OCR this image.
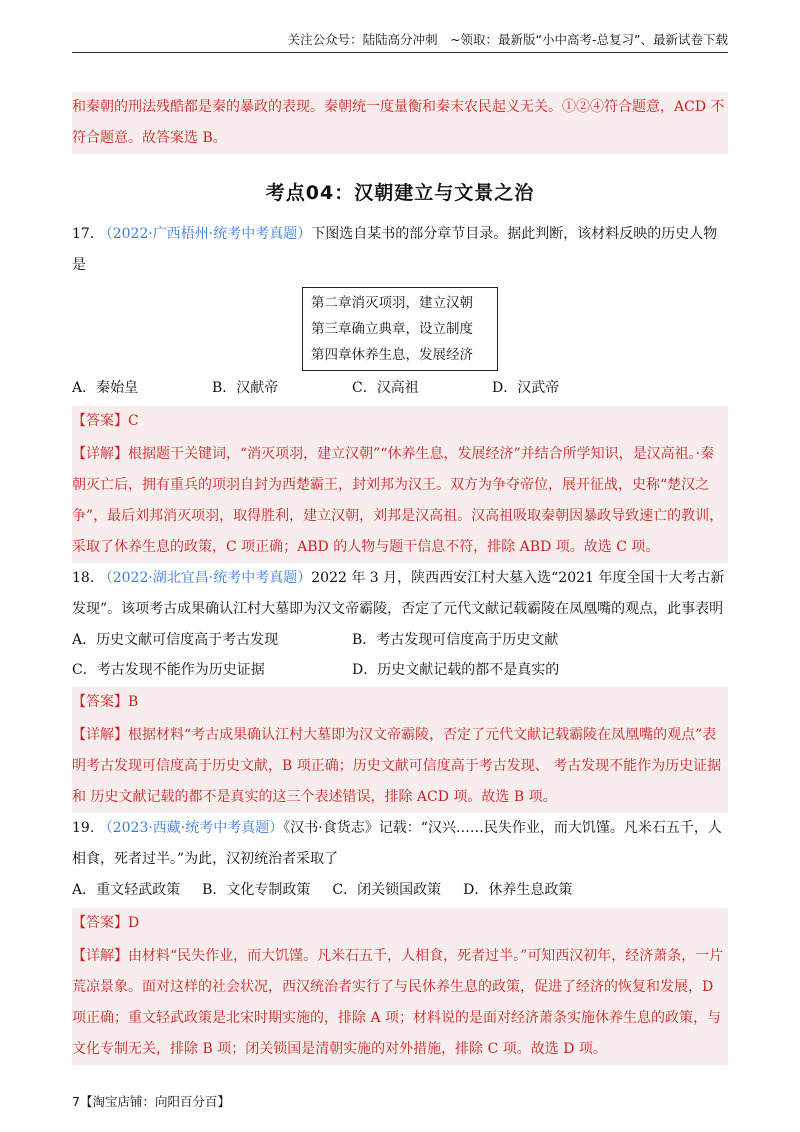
关注公众号：陆陆高分冲刺　~领取：最新版“小中高考-总复习”、最新试卷下载

和秦朝的刑法残酷都是秦的暴政的表现。秦朝统一度量衡和秦末农民起义无关。①②④符合题意，ACD 不符合题意。故答案选 B。

考点04：汉朝建立与文景之治

17. （2022·广西梧州·统考中考真题）下图选自某书的部分章节目录。据此判断，该材料反映的历史人物是

第二章消灭项羽，建立汉朝
第三章确立典章，设立制度
第四章休养生息，发展经济
A．秦始皇	B．汉献帝	C．汉高祖	D．汉武帝

【答案】C

【详解】根据题干关键词，“消灭项羽，建立汉朝”“休养生息，发展经济”并结合所学知识，是汉高祖。·秦朝灭亡后，拥有重兵的项羽自封为西楚霸王，封刘邦为汉王。双方为争夺帝位，展开征战，史称“楚汉之争”，最后刘邦消灭项羽，取得胜利，建立汉朝，刘邦是汉高祖。汉高祖吸取秦朝因暴政导致速亡的教训，采取了休养生息的政策，C 项正确；ABD 的人物与题干信息不符，排除 ABD 项。故选 C 项。

18. （2022·湖北宜昌·统考中考真题）2022 年 3 月，陕西西安江村大墓入选“2021 年度全国十大考古新发现”。该项考古成果确认江村大墓即为汉文帝霸陵，否定了元代文献记载霸陵在凤凰嘴的观点，此事表明

A．历史文献可信度高于考古发现	B．考古发现可信度高于历史文献
C．考古发现不能作为历史证据	D．历史文献记载的都不是真实的

【答案】B

【详解】根据材料“考古成果确认江村大墓即为汉文帝霸陵，否定了元代文献记载霸陵在凤凰嘴的观点”表明考古发现可信度高于历史文献，B 项正确；历史文献可信度高于考古发现、 考古发现不能作为历史证据和 历史文献记载的都不是真实的这三个表述错误，排除 ACD 项。故选 B 项。

19. （2023·西藏·统考中考真题）《汉书·食货志》记载：“汉兴……民失作业，而大饥馑。凡米石五千，人相食，死者过半。”为此，汉初统治者采取了

A．重文轻武政策 B．文化专制政策 C．闭关锁国政策 D．休养生息政策

【答案】D

【详解】由材料“民失作业，而大饥馑。凡米石五千，人相食，死者过半。”可知西汉初年，经济萧条，一片荒凉景象。面对这样的社会状况，西汉统治者实行了与民休养生息的政策，促进了经济的恢复和发展，D 项正确；重文轻武政策是北宋时期实施的，排除 A 项；材料说的是面对经济萧条实施休养生息的政策，与文化专制无关，排除 B 项；闭关锁国是清朝实施的对外措施，排除 C 项。故选 D 项。

7【淘宝店铺：向阳百分百】
